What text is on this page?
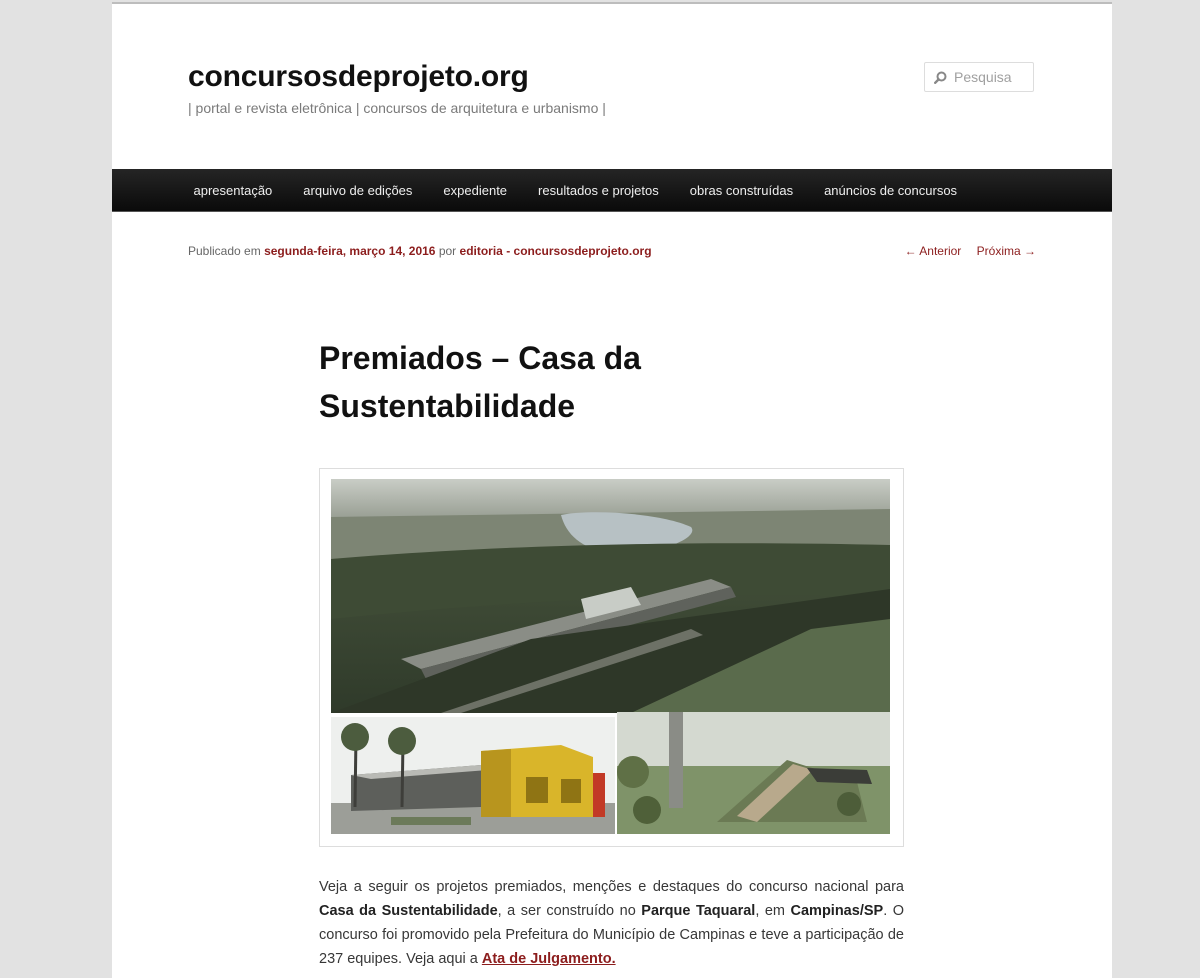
concursosdeprojeto.org
| portal e revista eletrônica | concursos de arquitetura e urbanismo |
Pesquisa
apresentação	arquivo de edições	expediente	resultados e projetos	obras construídas	anúncios de concursos
Publicado em segunda-feira, março 14, 2016 por editoria - concursosdeprojeto.org	← Anterior Próxima →
Premiados – Casa da Sustentabilidade

Veja a seguir os projetos premiados, menções e destaques do concurso nacional para Casa da Sustentabilidade, a ser construído no Parque Taquaral, em Campinas/SP. O concurso foi promovido pela Prefeitura do Município de Campinas e teve a participação de 237 equipes. Veja aqui a Ata de Julgamento.
